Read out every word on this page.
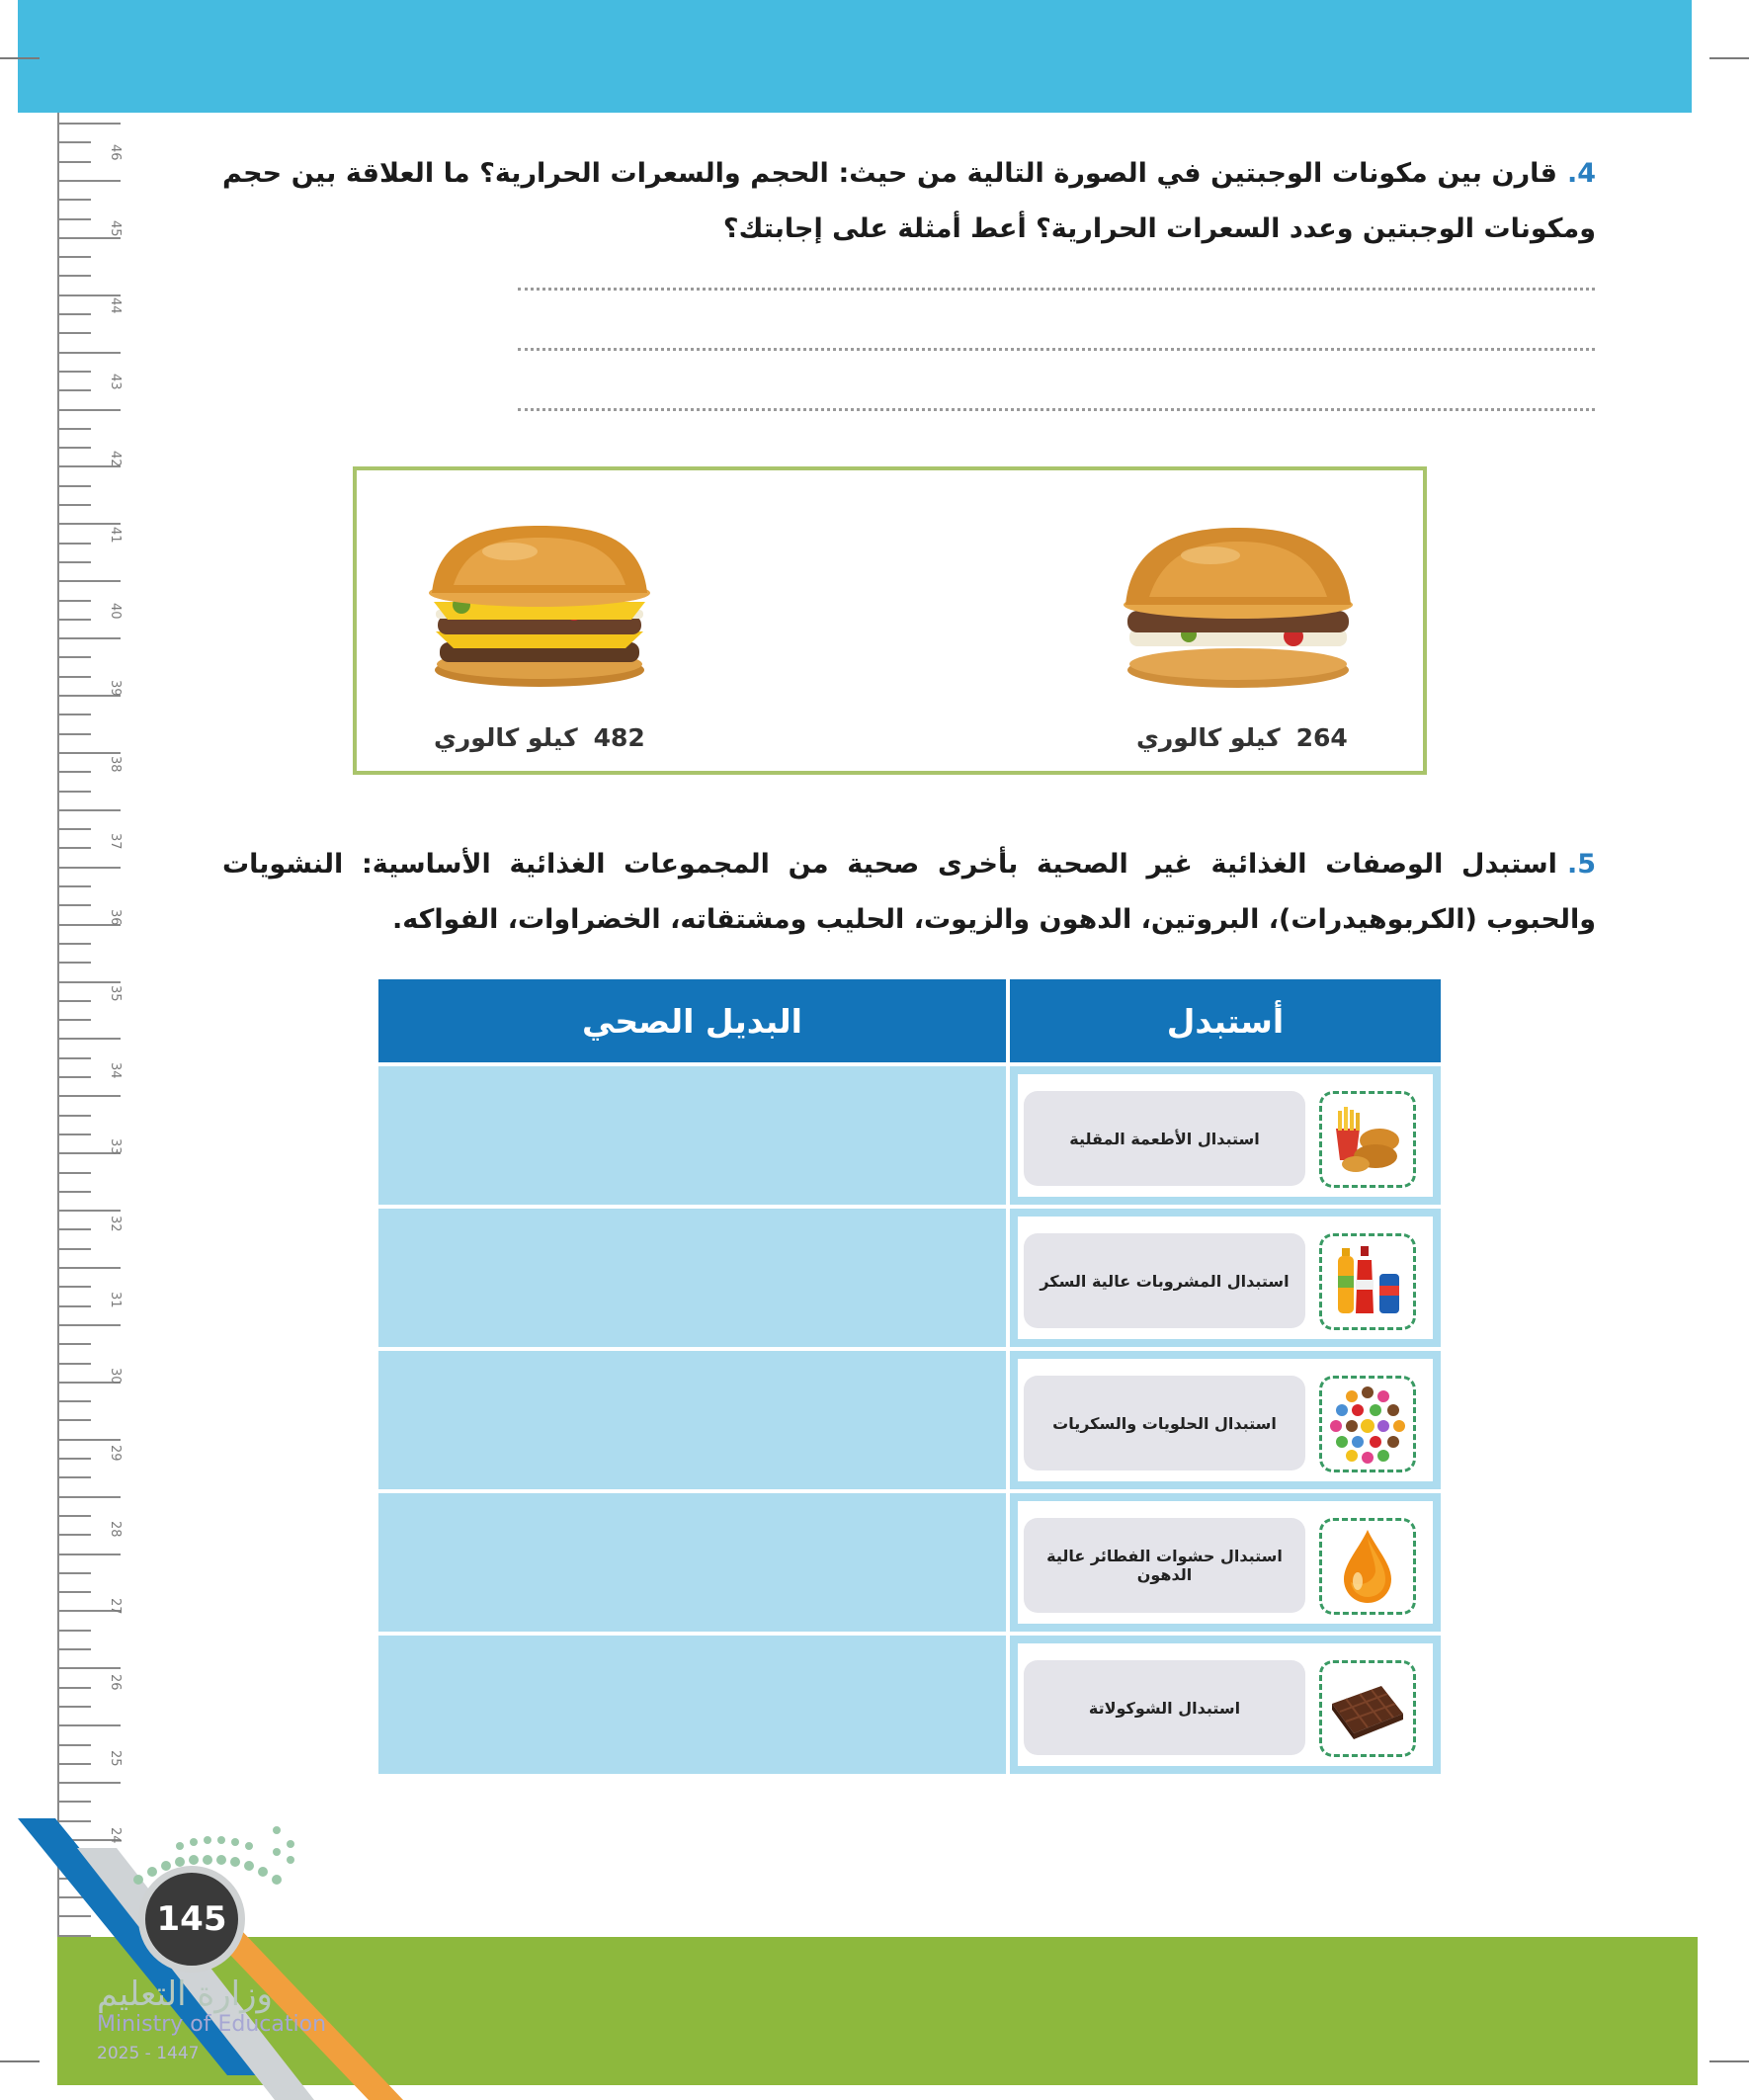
46
45
44
43
42
41
40
39
38
37
36
35
34
33
32
31
30
29
28
27
26
25
24
4.قارن بين مكونات الوجبتين في الصورة التالية من حيث: الحجم والسعرات الحرارية؟ ما العلاقة بين حجم ومكونات الوجبتين وعدد السعرات الحرارية؟ أعط أمثلة على إجابتك؟
482كيلو كالوري	264كيلو كالوري
5.استبدل الوصفات الغذائية غير الصحية بأخرى صحية من المجموعات الغذائية الأساسية: النشويات والحبوب (الكربوهيدرات)، البروتين، الدهون والزيوت، الحليب ومشتقاته، الخضراوات، الفواكه.
البديل الصحي	أستبدل
استبدال الأطعمة المقلية
استبدال المشروبات عالية السكر
استبدال الحلويات والسكريات
استبدال حشوات الفطائر عالية الدهون
استبدال الشوكولاتة
145
وزارة التعليم
Ministry of Education
2025 - 1447
